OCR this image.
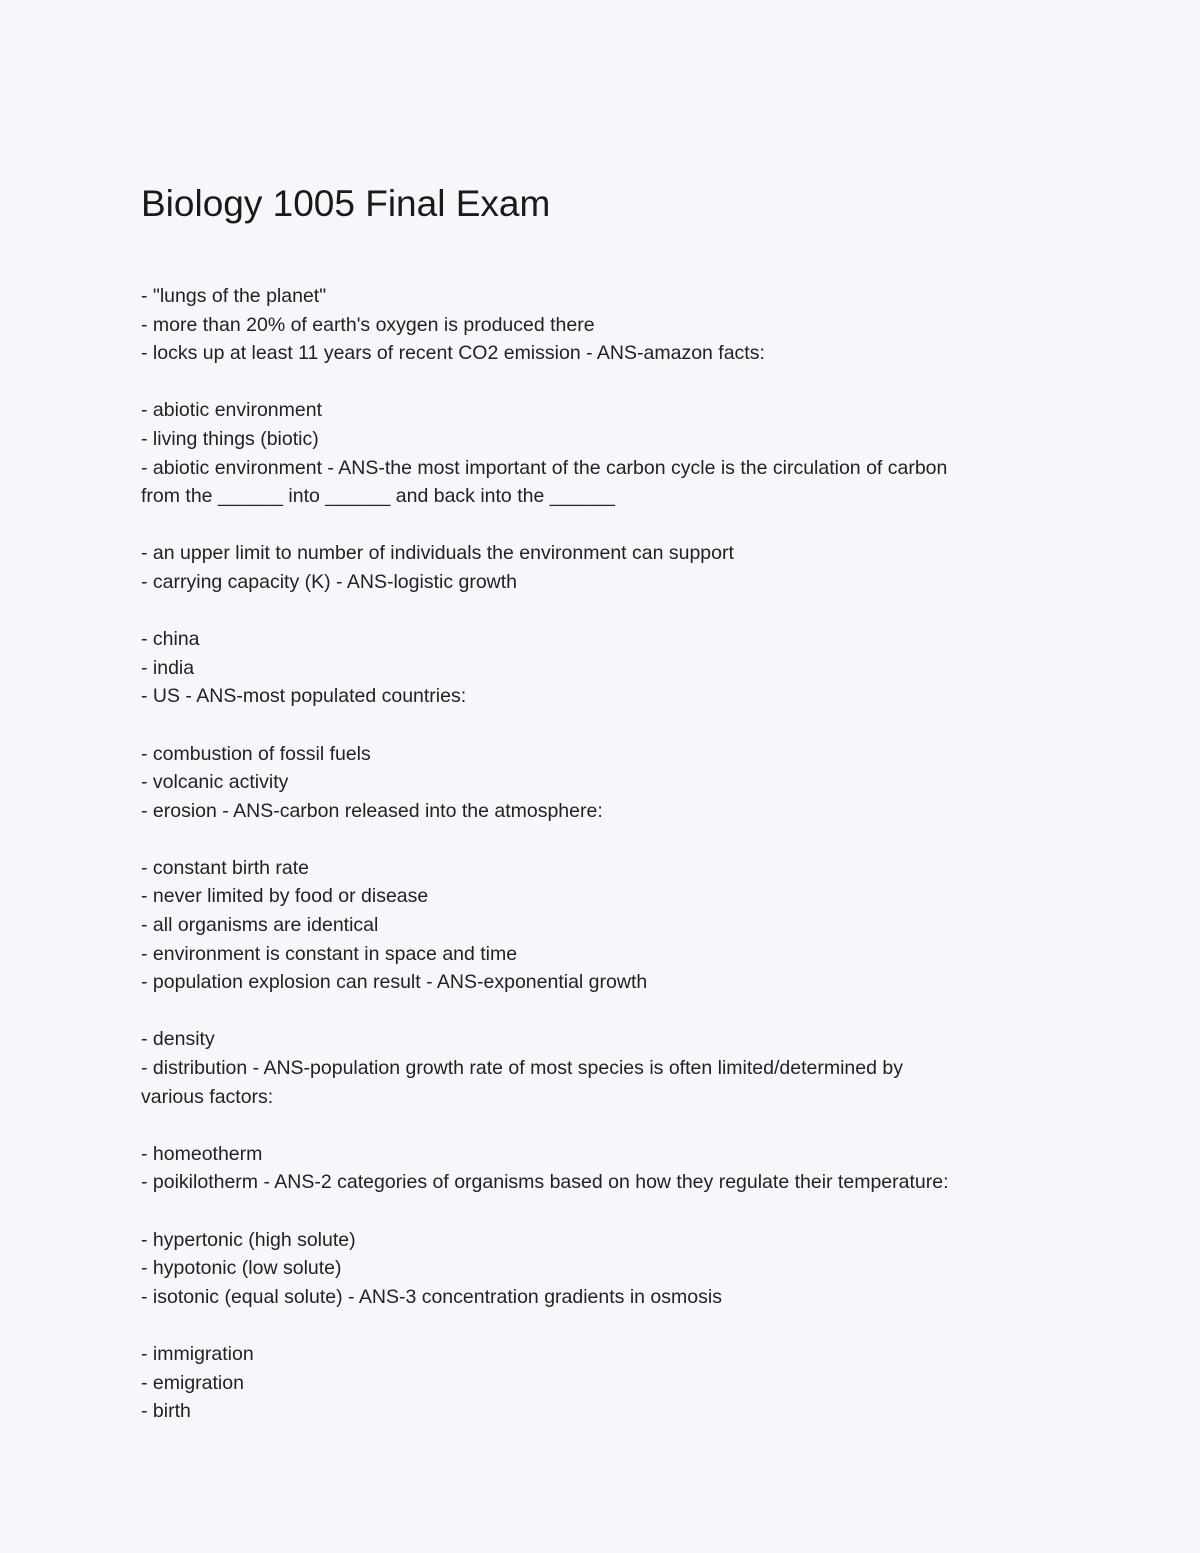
Biology 1005 Final Exam
- "lungs of the planet"
- more than 20% of earth's oxygen is produced there
- locks up at least 11 years of recent CO2 emission - ANS-amazon facts:
- abiotic environment
- living things (biotic)
- abiotic environment - ANS-the most important of the carbon cycle is the circulation of carbon
from the ______ into ______ and back into the ______
- an upper limit to number of individuals the environment can support
- carrying capacity (K) - ANS-logistic growth
- china
- india
- US - ANS-most populated countries:
- combustion of fossil fuels
- volcanic activity
- erosion - ANS-carbon released into the atmosphere:
- constant birth rate
- never limited by food or disease
- all organisms are identical
- environment is constant in space and time
- population explosion can result - ANS-exponential growth
- density
- distribution - ANS-population growth rate of most species is often limited/determined by
various factors:
- homeotherm
- poikilotherm - ANS-2 categories of organisms based on how they regulate their temperature:
- hypertonic (high solute)
- hypotonic (low solute)
- isotonic (equal solute) - ANS-3 concentration gradients in osmosis
- immigration
- emigration
- birth
